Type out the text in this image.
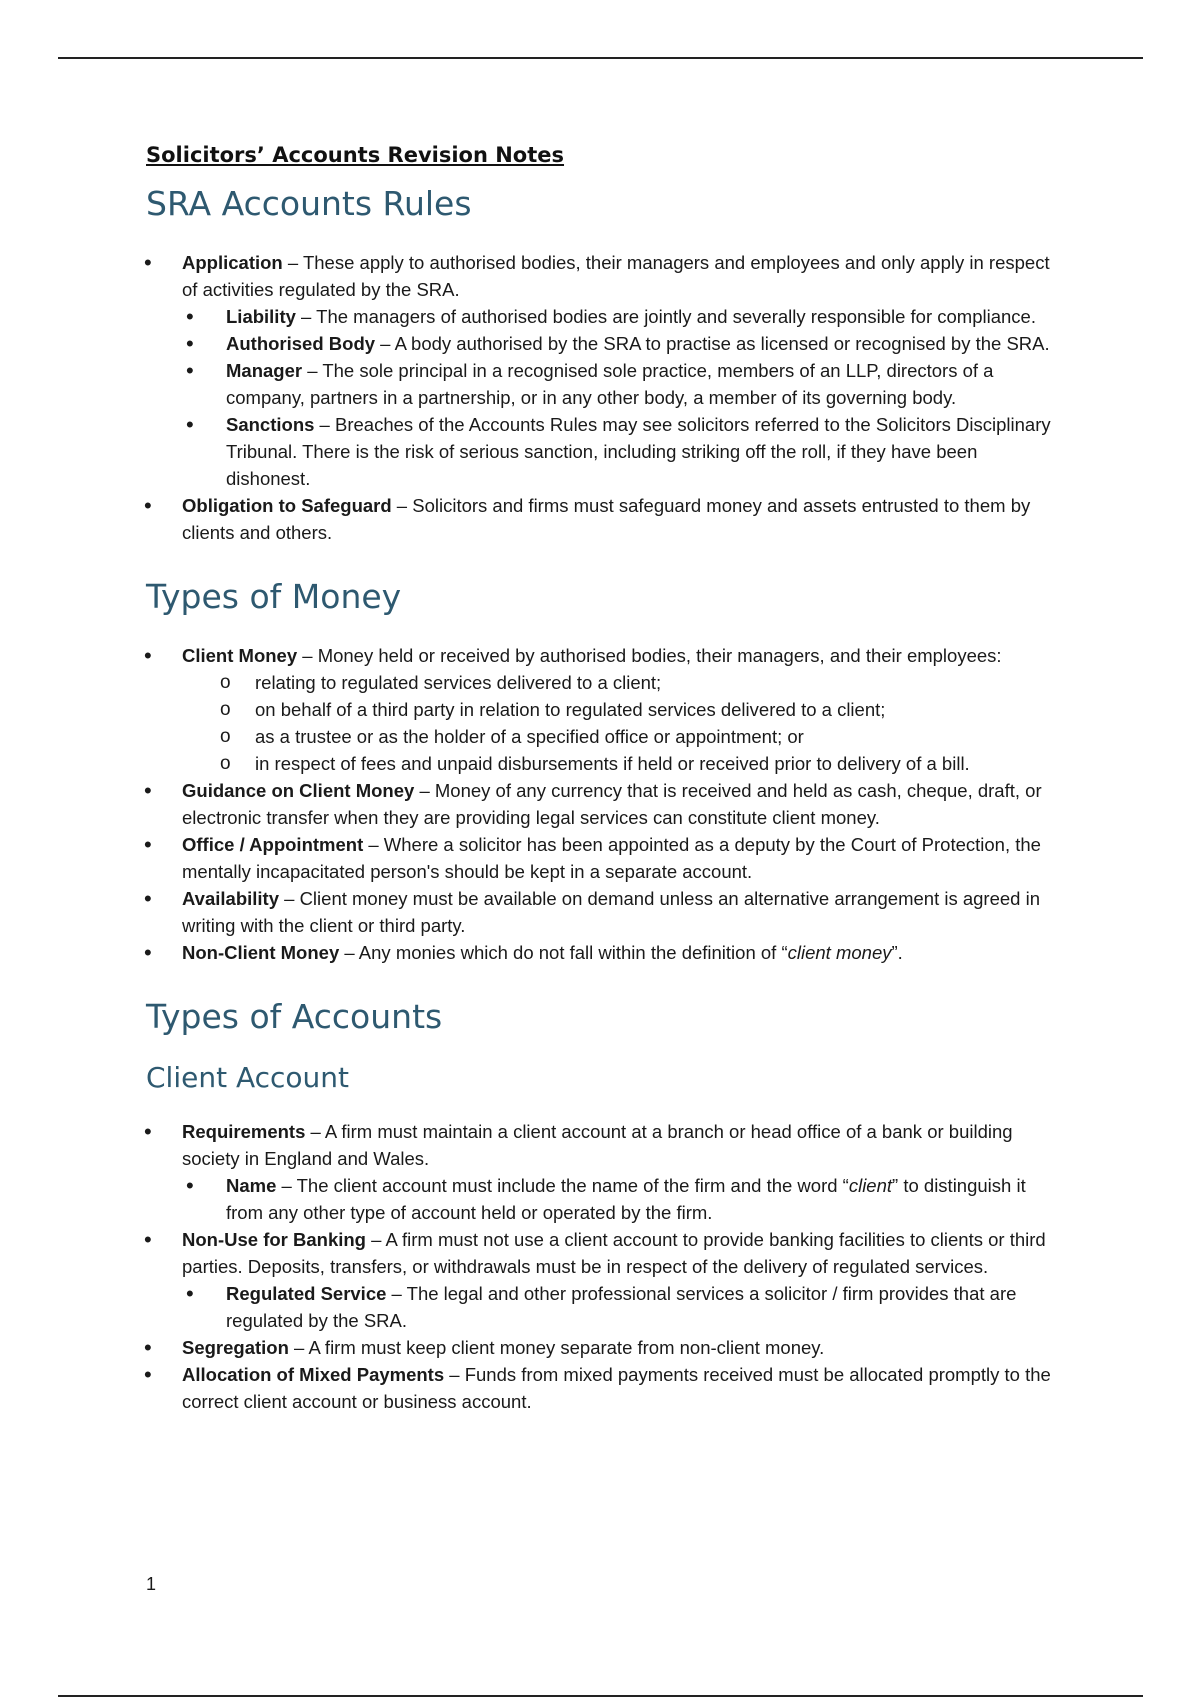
Solicitors’ Accounts Revision Notes
SRA Accounts Rules
• Application – These apply to authorised bodies, their managers and employees and only apply in respect of activities regulated by the SRA.
• Liability – The managers of authorised bodies are jointly and severally responsible for compliance.
• Authorised Body – A body authorised by the SRA to practise as licensed or recognised by the SRA.
• Manager – The sole principal in a recognised sole practice, members of an LLP, directors of a company, partners in a partnership, or in any other body, a member of its governing body.
• Sanctions – Breaches of the Accounts Rules may see solicitors referred to the Solicitors Disciplinary Tribunal. There is the risk of serious sanction, including striking off the roll, if they have been dishonest.
• Obligation to Safeguard – Solicitors and firms must safeguard money and assets entrusted to them by clients and others.
Types of Money
• Client Money – Money held or received by authorised bodies, their managers, and their employees:
o relating to regulated services delivered to a client;
o on behalf of a third party in relation to regulated services delivered to a client;
o as a trustee or as the holder of a specified office or appointment; or
o in respect of fees and unpaid disbursements if held or received prior to delivery of a bill.
• Guidance on Client Money – Money of any currency that is received and held as cash, cheque, draft, or electronic transfer when they are providing legal services can constitute client money.
• Office / Appointment – Where a solicitor has been appointed as a deputy by the Court of Protection, the mentally incapacitated person's should be kept in a separate account.
• Availability – Client money must be available on demand unless an alternative arrangement is agreed in writing with the client or third party.
• Non-Client Money – Any monies which do not fall within the definition of “client money”.
Types of Accounts
Client Account
• Requirements – A firm must maintain a client account at a branch or head office of a bank or building society in England and Wales.
• Name – The client account must include the name of the firm and the word “client” to distinguish it from any other type of account held or operated by the firm.
• Non-Use for Banking – A firm must not use a client account to provide banking facilities to clients or third parties. Deposits, transfers, or withdrawals must be in respect of the delivery of regulated services.
• Regulated Service – The legal and other professional services a solicitor / firm provides that are regulated by the SRA.
• Segregation – A firm must keep client money separate from non-client money.
• Allocation of Mixed Payments – Funds from mixed payments received must be allocated promptly to the correct client account or business account.
1
